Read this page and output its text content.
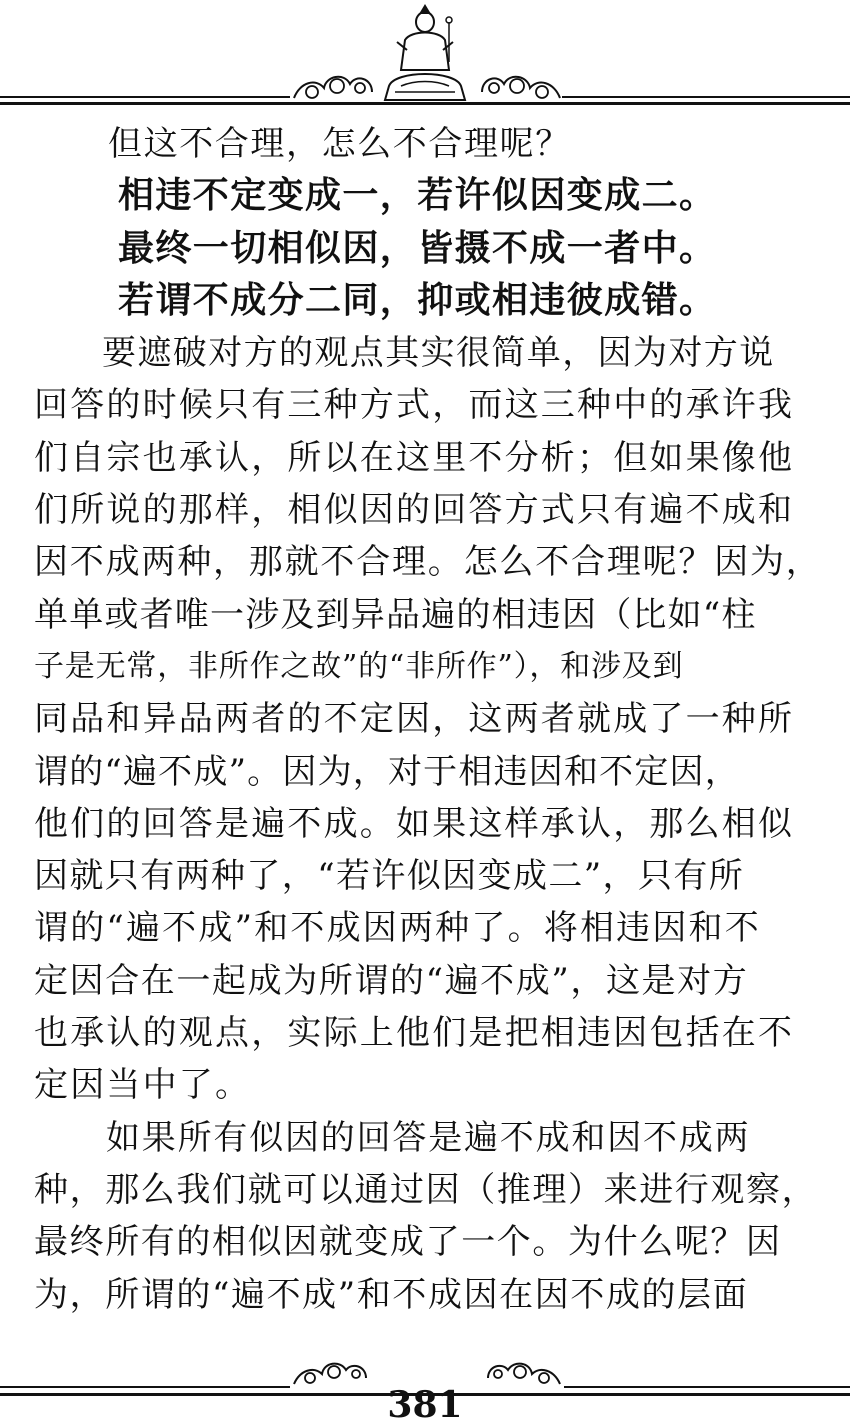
但这不合理，怎么不合理呢？
相违不定变成一，若许似因变成二。
最终一切相似因，皆摄不成一者中。
若谓不成分二同，抑或相违彼成错。
要遮破对方的观点其实很简单，因为对方说
回答的时候只有三种方式，而这三种中的承许我
们自宗也承认，所以在这里不分析；但如果像他
们所说的那样，相似因的回答方式只有遍不成和
因不成两种，那就不合理。怎么不合理呢？因为，
单单或者唯一涉及到异品遍的相违因（比如“柱
子是无常，非所作之故”的“非所作”），和涉及到
同品和异品两者的不定因，这两者就成了一种所
谓的“遍不成”。因为，对于相违因和不定因，
他们的回答是遍不成。如果这样承认，那么相似
因就只有两种了，“若许似因变成二”，只有所
谓的“遍不成”和不成因两种了。将相违因和不
定因合在一起成为所谓的“遍不成”，这是对方
也承认的观点，实际上他们是把相违因包括在不
定因当中了。
如果所有似因的回答是遍不成和因不成两
种，那么我们就可以通过因（推理）来进行观察，
最终所有的相似因就变成了一个。为什么呢？因
为，所谓的“遍不成”和不成因在因不成的层面
381
